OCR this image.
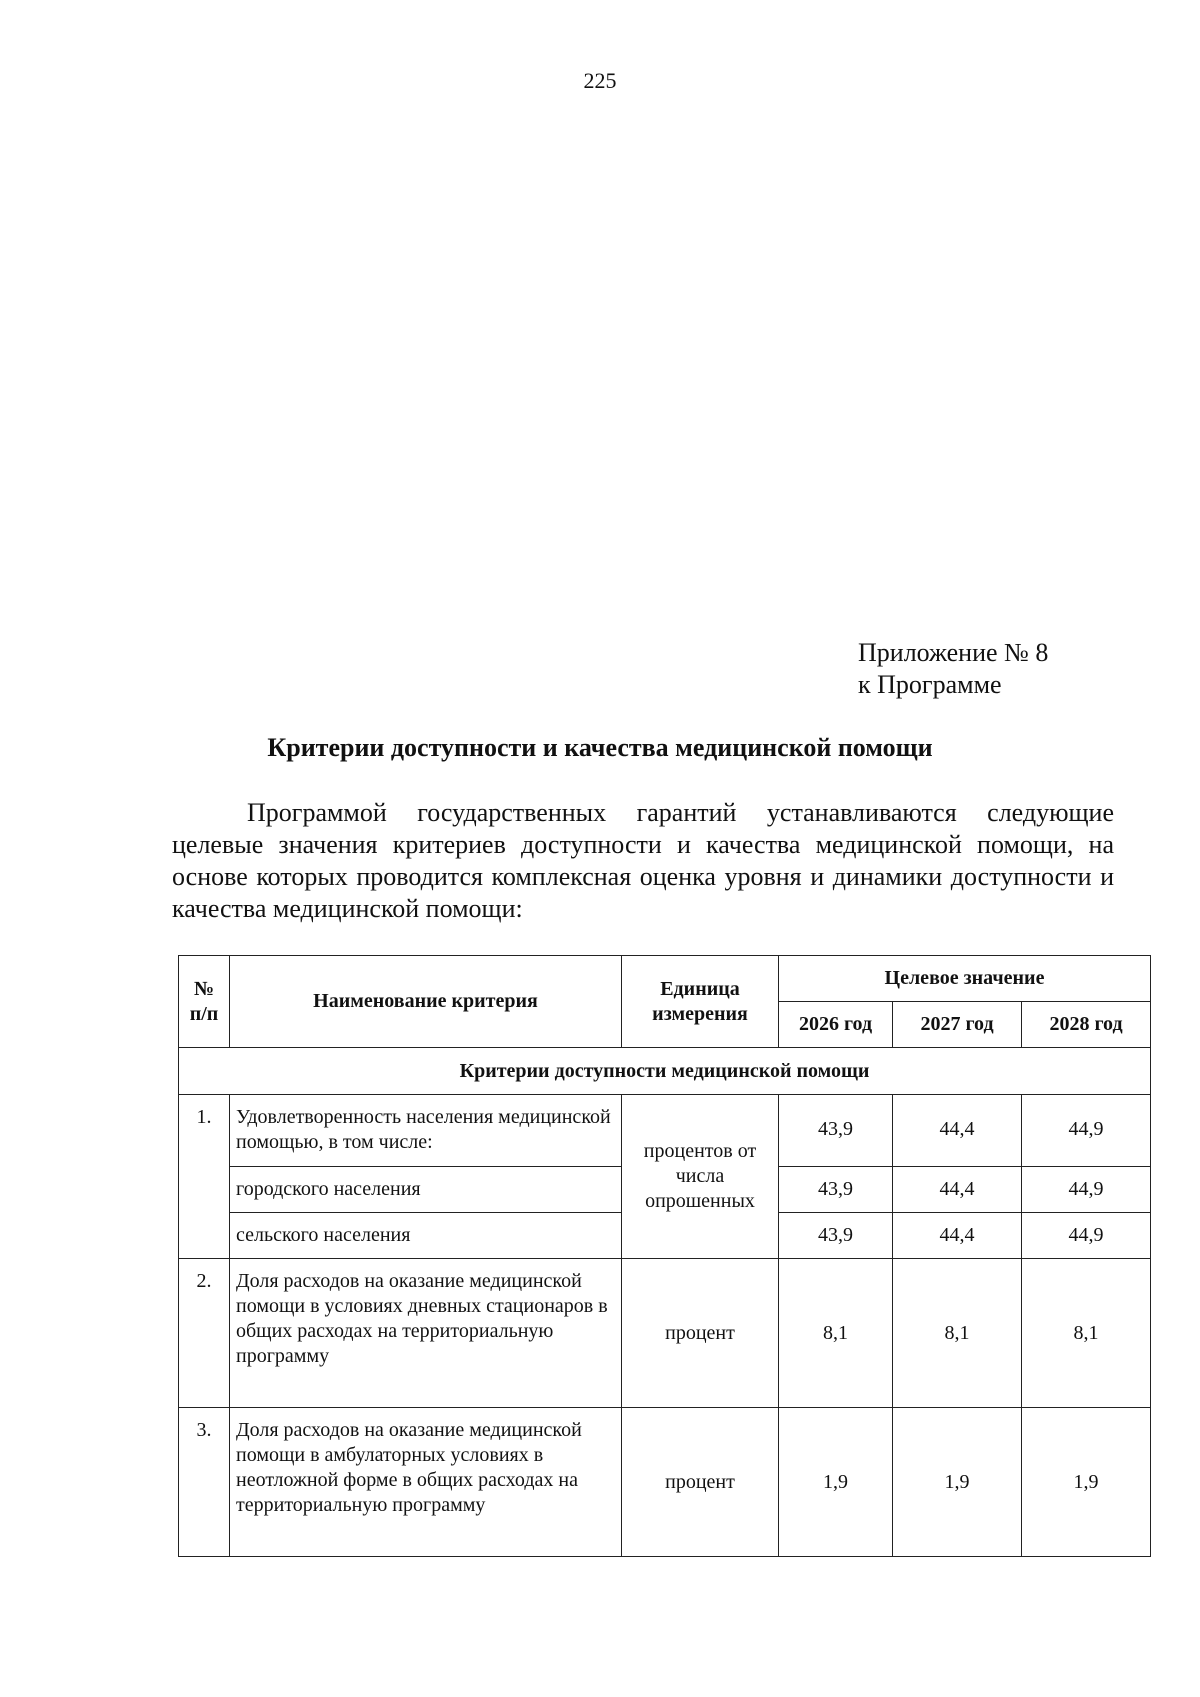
225
Приложение № 8
к Программе
Критерии доступности и качества медицинской помощи

Программой государственных гарантий устанавливаются следующие целевые значения критериев доступности и качества медицинской помощи, на основе которых проводится комплексная оценка уровня и динамики доступности и качества медицинской помощи:

№ п/п	Наименование критерия	Единица измерения	Целевое значение		
			2026 год	2027 год	2028 год
Критерии доступности медицинской помощи					
1.	Удовлетворенность населения медицинской помощью, в том числе:	процентов от числа опрошенных	43,9	44,4	44,9
	городского населения		43,9	44,4	44,9
	сельского населения		43,9	44,4	44,9
2.	Доля расходов на оказание медицинской помощи в условиях дневных стационаров в общих расходах на территориальную программу	процент	8,1	8,1	8,1
3.	Доля расходов на оказание медицинской помощи в амбулаторных условиях в неотложной форме в общих расходах на территориальную программу	процент	1,9	1,9	1,9
